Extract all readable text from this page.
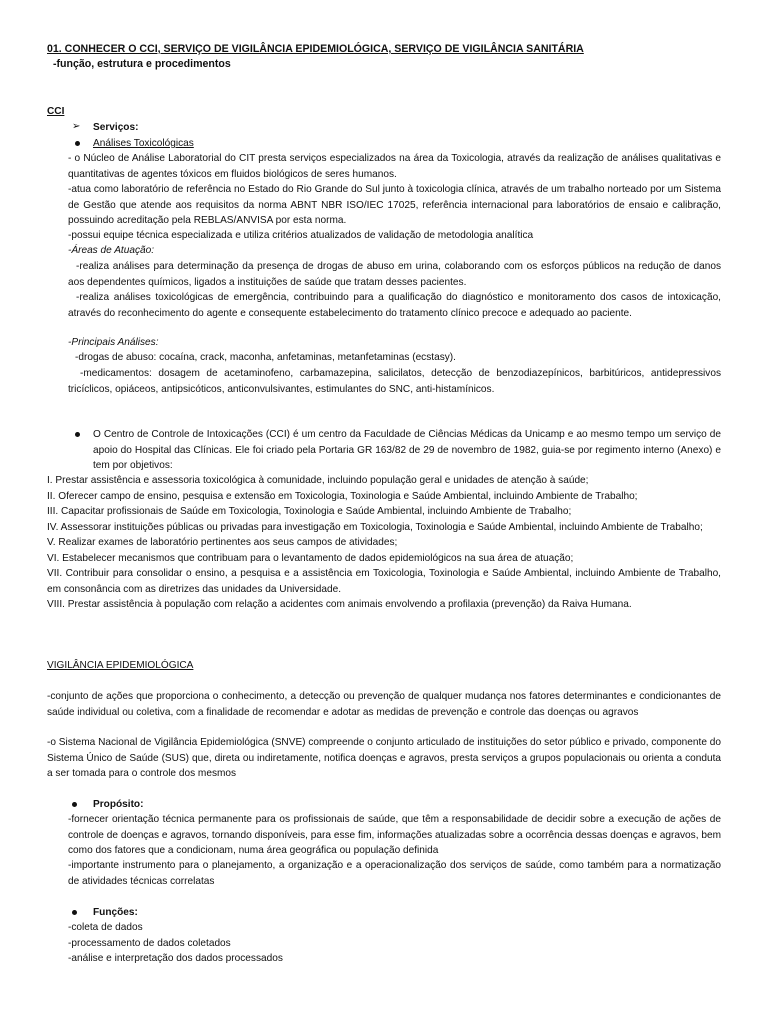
01. CONHECER O CCI, SERVIÇO DE VIGILÂNCIA EPIDEMIOLÓGICA, SERVIÇO DE VIGILÂNCIA SANITÁRIA
-função, estrutura e procedimentos
CCI
➢ Serviços:
Análises Toxicológicas
- o Núcleo de Análise Laboratorial do CIT presta serviços especializados na área da Toxicologia, através da realização de análises qualitativas e quantitativas de agentes tóxicos em fluidos biológicos de seres humanos.
-atua como laboratório de referência no Estado do Rio Grande do Sul junto à toxicologia clínica, através de um trabalho norteado por um Sistema de Gestão que atende aos requisitos da norma ABNT NBR ISO/IEC 17025, referência internacional para laboratórios de ensaio e calibração, possuindo acreditação pela REBLAS/ANVISA por esta norma.
-possui equipe técnica especializada e utiliza critérios atualizados de validação de metodologia analítica
-Áreas de Atuação:
-realiza análises para determinação da presença de drogas de abuso em urina, colaborando com os esforços públicos na redução de danos aos dependentes químicos, ligados a instituições de saúde que tratam desses pacientes.
-realiza análises toxicológicas de emergência, contribuindo para a qualificação do diagnóstico e monitoramento dos casos de intoxicação, através do reconhecimento do agente e consequente estabelecimento do tratamento clínico precoce e adequado ao paciente.
-Principais Análises:
-drogas de abuso: cocaína, crack, maconha, anfetaminas, metanfetaminas (ecstasy).
-medicamentos: dosagem de acetaminofeno, carbamazepina, salicilatos, detecção de benzodiazepínicos, barbitúricos, antidepressivos tricíclicos, opiáceos, antipsicóticos, anticonvulsivantes, estimulantes do SNC, anti-histamínicos.
O Centro de Controle de Intoxicações (CCI) é um centro da Faculdade de Ciências Médicas da Unicamp e ao mesmo tempo um serviço de apoio do Hospital das Clínicas. Ele foi criado pela Portaria GR 163/82 de 29 de novembro de 1982, guia-se por regimento interno (Anexo) e tem por objetivos:
I. Prestar assistência e assessoria toxicológica à comunidade, incluindo população geral e unidades de atenção à saúde;
II. Oferecer campo de ensino, pesquisa e extensão em Toxicologia, Toxinologia e Saúde Ambiental, incluindo Ambiente de Trabalho;
III. Capacitar profissionais de Saúde em Toxicologia, Toxinologia e Saúde Ambiental, incluindo Ambiente de Trabalho;
IV. Assessorar instituições públicas ou privadas para investigação em Toxicologia, Toxinologia e Saúde Ambiental, incluindo Ambiente de Trabalho;
V. Realizar exames de laboratório pertinentes aos seus campos de atividades;
VI. Estabelecer mecanismos que contribuam para o levantamento de dados epidemiológicos na sua área de atuação;
VII. Contribuir para consolidar o ensino, a pesquisa e a assistência em Toxicologia, Toxinologia e Saúde Ambiental, incluindo Ambiente de Trabalho, em consonância com as diretrizes das unidades da Universidade.
VIII. Prestar assistência à população com relação a acidentes com animais envolvendo a profilaxia (prevenção) da Raiva Humana.
VIGILÂNCIA EPIDEMIOLÓGICA
-conjunto de ações que proporciona o conhecimento, a detecção ou prevenção de qualquer mudança nos fatores determinantes e condicionantes de saúde individual ou coletiva, com a finalidade de recomendar e adotar as medidas de prevenção e controle das doenças ou agravos
-o Sistema Nacional de Vigilância Epidemiológica (SNVE) compreende o conjunto articulado de instituições do setor público e privado, componente do Sistema Único de Saúde (SUS) que, direta ou indiretamente, notifica doenças e agravos, presta serviços a grupos populacionais ou orienta a conduta a ser tomada para o controle dos mesmos
Propósito:
-fornecer orientação técnica permanente para os profissionais de saúde, que têm a responsabilidade de decidir sobre a execução de ações de controle de doenças e agravos, tornando disponíveis, para esse fim, informações atualizadas sobre a ocorrência dessas doenças e agravos, bem como dos fatores que a condicionam, numa área geográfica ou população definida
-importante instrumento para o planejamento, a organização e a operacionalização dos serviços de saúde, como também para a normatização de atividades técnicas correlatas
Funções:
-coleta de dados
-processamento de dados coletados
-análise e interpretação dos dados processados
